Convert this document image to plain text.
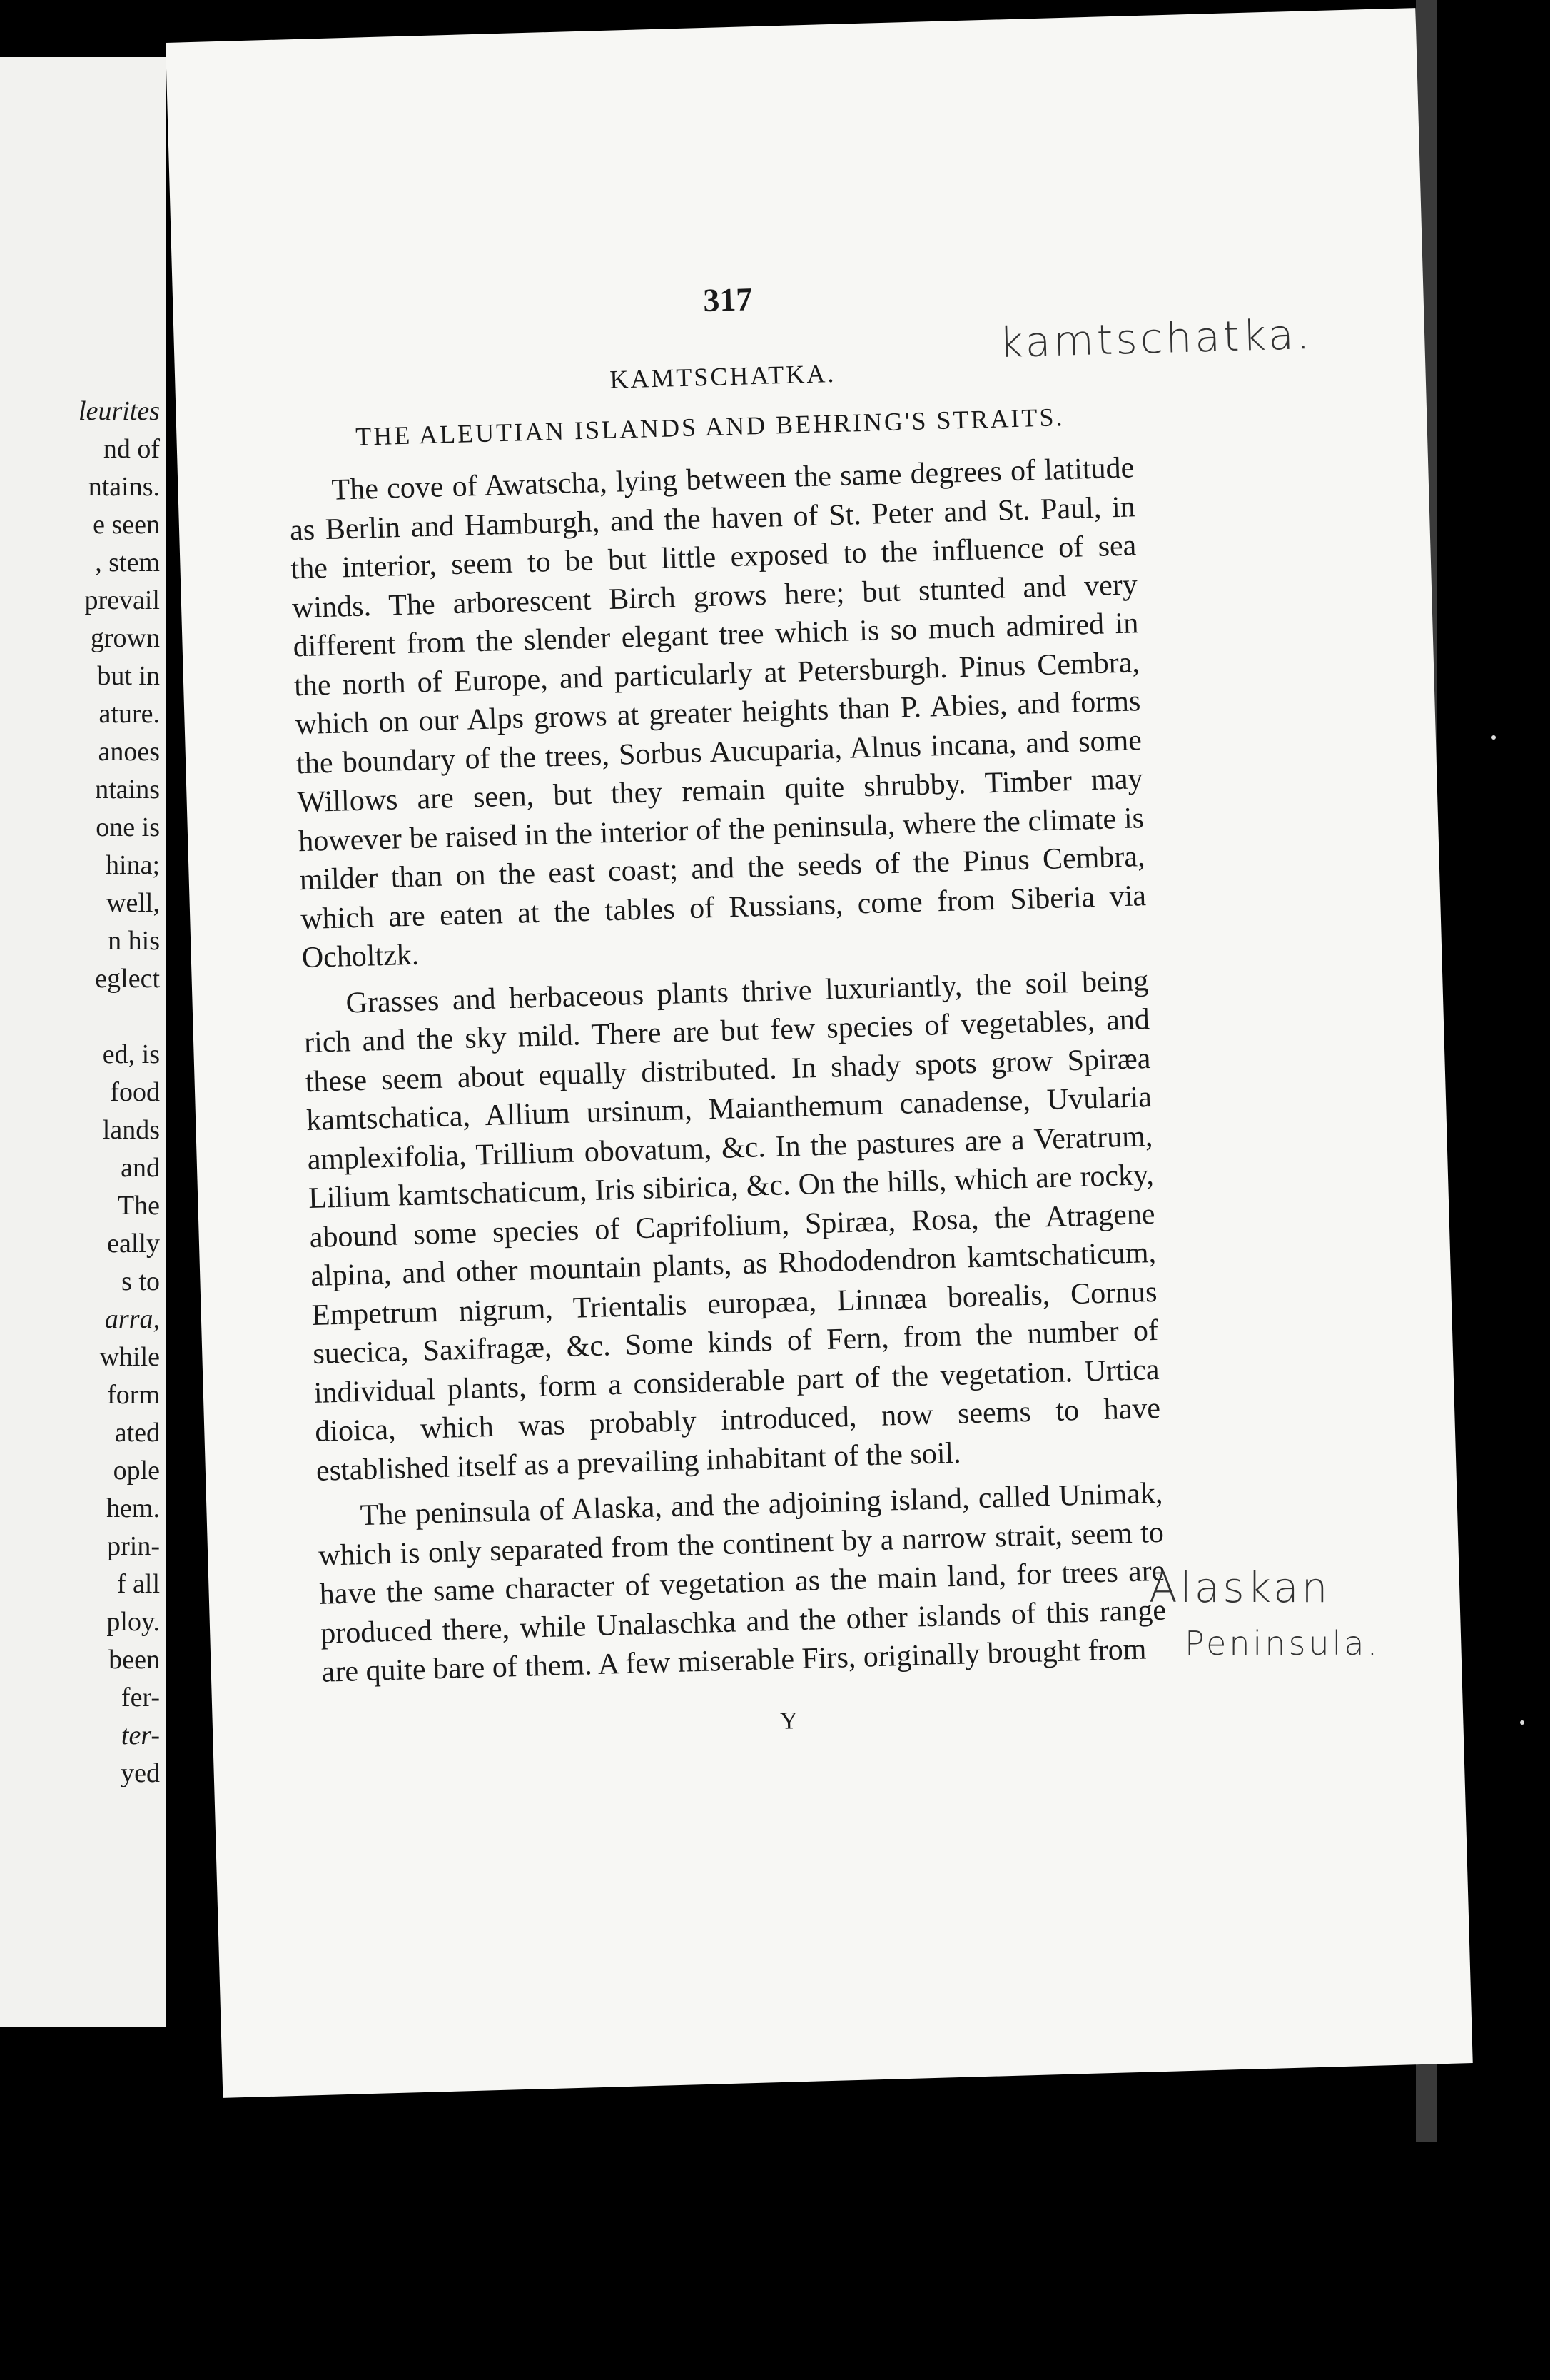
leurites
nd of
ntains.
e seen
, stem
prevail
grown
but in
ature.
anoes
ntains
one is
hina;
well,
n his
eglect

ed, is
food
lands
and
The
eally
s to
arra,
while
form
ated
ople
hem.
prin-
f all
ploy.
been
fer-
ter-
yed
317
KAMTSCHATKA.
THE ALEUTIAN ISLANDS AND BEHRING'S STRAITS.

The cove of Awatscha, lying between the same degrees of latitude as Berlin and Hamburgh, and the haven of St. Peter and St. Paul, in the interior, seem to be but little exposed to the influence of sea winds. The arborescent Birch grows here; but stunted and very different from the slender elegant tree which is so much admired in the north of Europe, and particularly at Petersburgh. Pinus Cembra, which on our Alps grows at greater heights than P. Abies, and forms the boundary of the trees, Sorbus Aucuparia, Alnus incana, and some Willows are seen, but they remain quite shrubby. Timber may however be raised in the interior of the peninsula, where the climate is milder than on the east coast; and the seeds of the Pinus Cembra, which are eaten at the tables of Russians, come from Siberia via Ocholtzk.

Grasses and herbaceous plants thrive luxuriantly, the soil being rich and the sky mild. There are but few species of vegetables, and these seem about equally distributed. In shady spots grow Spiræa kamtschatica, Allium ursinum, Maianthemum canadense, Uvularia amplexifolia, Trillium obovatum, &c. In the pastures are a Veratrum, Lilium kamtschaticum, Iris sibirica, &c. On the hills, which are rocky, abound some species of Caprifolium, Spiræa, Rosa, the Atragene alpina, and other mountain plants, as Rhododendron kamtschaticum, Empetrum nigrum, Trientalis europæa, Linnæa borealis, Cornus suecica, Saxifragæ, &c. Some kinds of Fern, from the number of individual plants, form a considerable part of the vegetation. Urtica dioica, which was probably introduced, now seems to have established itself as a prevailing inhabitant of the soil.

The peninsula of Alaska, and the adjoining island, called Unimak, which is only separated from the continent by a narrow strait, seem to have the same character of vegetation as the main land, for trees are produced there, while Unalaschka and the other islands of this range are quite bare of them. A few miserable Firs, originally brought from

Y
kamtschatka.
Alaskan
Peninsula.
